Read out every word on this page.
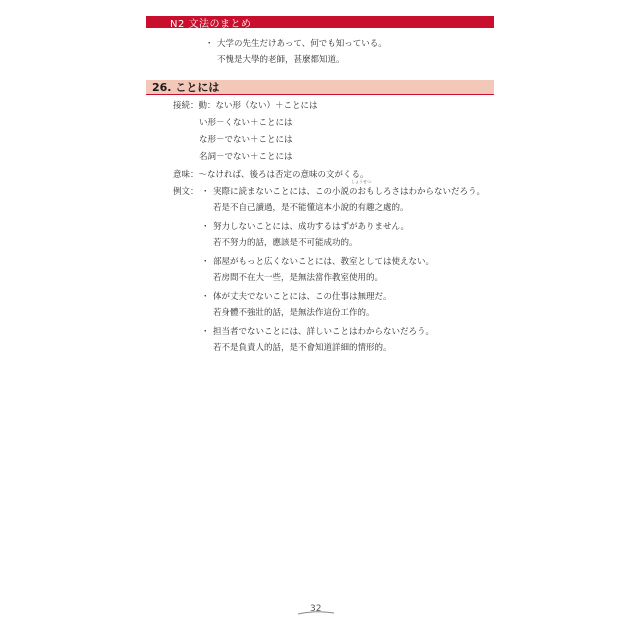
N2 文法のまとめ
・ 大学の先生だけあって、何でも知っている。
不愧是大學的老師，甚麼都知道。
26. ことには
接続：動：ない形（ない）＋ことには
い形－くない＋ことには
な形－でない＋ことには
名詞－でない＋ことには
意味：～なければ、後ろは否定の意味の文がくる。
例文：
しょうせつ
・ 実際に読まないことには、この小説のおもしろさはわからないだろう。
若是不自己讀過，是不能懂這本小說的有趣之處的。
・ 努力しないことには、成功するはずがありません。
若不努力的話，應該是不可能成功的。
・ 部屋がもっと広くないことには、教室としては使えない。
若房間不在大一些，是無法當作教室使用的。
・ 体が丈夫でないことには、この仕事は無理だ。
若身體不強壯的話，是無法作這份工作的。
・ 担当者でないことには、詳しいことはわからないだろう。
若不是負責人的話，是不會知道詳細的情形的。
32
